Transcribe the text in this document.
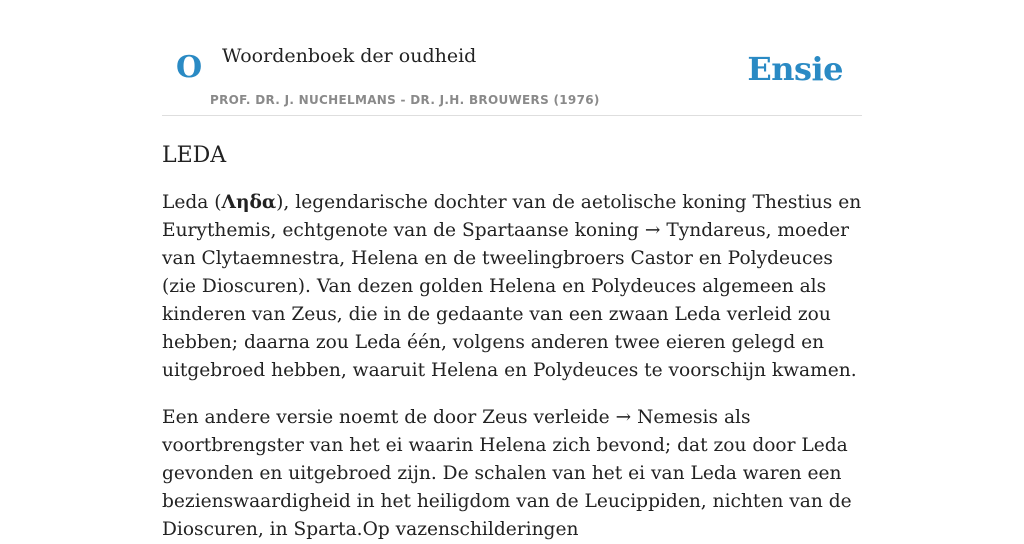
O Woordenboek der oudheid	Ensie
PROF. DR. J. NUCHELMANS - DR. J.H. BROUWERS (1976)
LEDA

Leda (Ληδα), legendarische dochter van de aetolische koning Thestius en Eurythemis, echtgenote van de Spartaanse koning → Tyndareus, moeder van Clytaemnestra, Helena en de tweelingbroers Castor en Polydeuces (zie Dioscuren). Van dezen golden Helena en Polydeuces algemeen als kinderen van Zeus, die in de gedaante van een zwaan Leda verleid zou hebben; daarna zou Leda één, volgens anderen twee eieren gelegd en uitgebroed hebben, waaruit Helena en Polydeuces te voorschijn kwamen.

Een andere versie noemt de door Zeus verleide → Nemesis als voortbrengster van het ei waarin Helena zich bevond; dat zou door Leda gevonden en uitgebroed zijn. De schalen van het ei van Leda waren een bezienswaardigheid in het heiligdom van de Leucippiden, nichten van de Dioscuren, in Sparta.Op vazenschilderingen
